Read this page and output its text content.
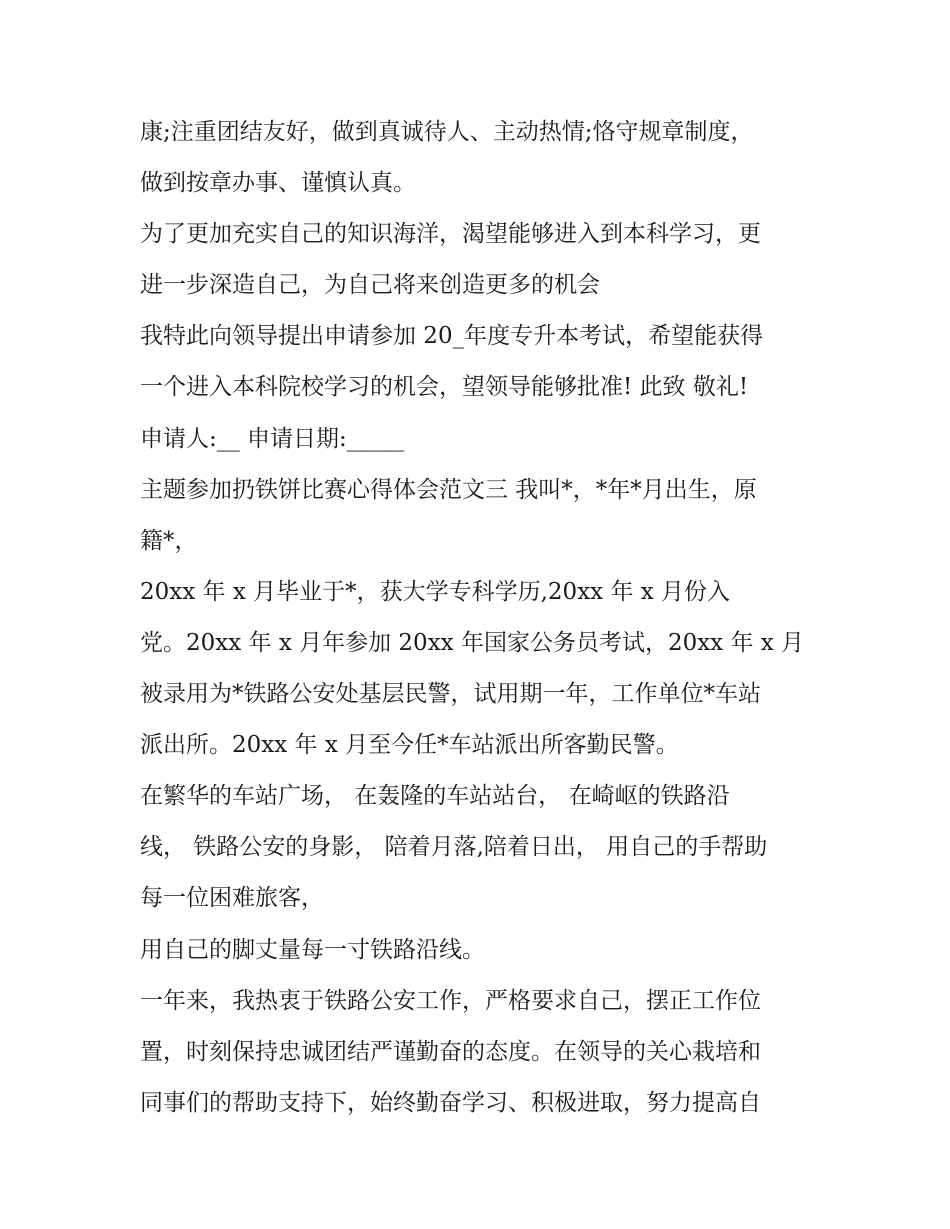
康;注重团结友好，做到真诚待人、主动热情;恪守规章制度，
做到按章办事、谨慎认真。
为了更加充实自己的知识海洋，渴望能够进入到本科学习，更
进一步深造自己，为自己将来创造更多的机会
我特此向领导提出申请参加 20_年度专升本考试，希望能获得
一个进入本科院校学习的机会，望领导能够批准! 此致 敬礼!
申请人:__ 申请日期:_____
主题参加扔铁饼比赛心得体会范文三 我叫*，*年*月出生，原
籍*，
20xx 年 x 月毕业于*，获大学专科学历,20xx 年 x 月份入
党。20xx 年 x 月年参加 20xx 年国家公务员考试，20xx 年 x 月
被录用为*铁路公安处基层民警，试用期一年，工作单位*车站
派出所。20xx 年 x 月至今任*车站派出所客勤民警。
在繁华的车站广场， 在轰隆的车站站台， 在崎岖的铁路沿
线， 铁路公安的身影， 陪着月落,陪着日出， 用自己的手帮助
每一位困难旅客，
用自己的脚丈量每一寸铁路沿线。
一年来，我热衷于铁路公安工作，严格要求自己，摆正工作位
置，时刻保持忠诚团结严谨勤奋的态度。在领导的关心栽培和
同事们的帮助支持下，始终勤奋学习、积极进取，努力提高自
